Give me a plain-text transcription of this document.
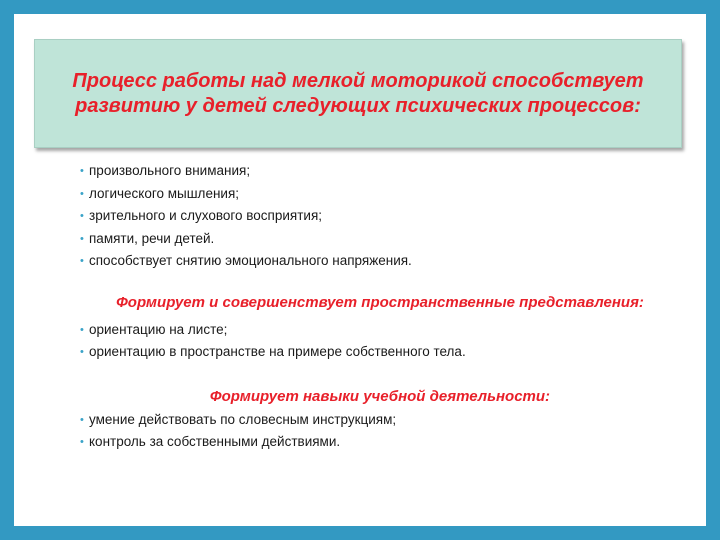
Процесс работы над мелкой моторикой способствует развитию у детей следующих психических процессов:
• произвольного внимания;
• логического мышления;
• зрительного и слухового восприятия;
• памяти, речи детей.
• способствует снятию эмоционального напряжения.
Формирует и совершенствует пространственные представления:
• ориентацию на листе;
• ориентацию в пространстве на примере собственного тела.
Формирует навыки учебной деятельности:
• умение действовать по словесным инструкциям;
• контроль за собственными действиями.
